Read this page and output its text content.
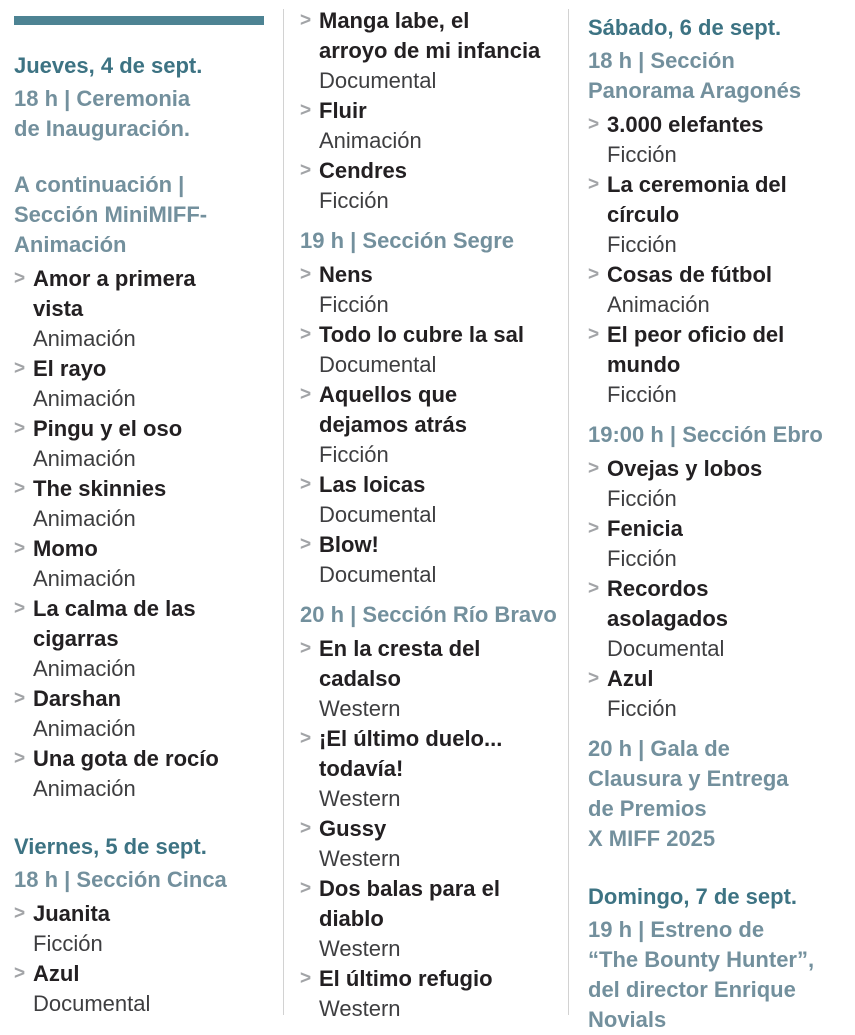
Jueves, 4 de sept.
18 h | Ceremonia
de Inauguración.
A continuación |
Sección MiniMIFF-
Animación
> Amor a primera
vista
Animación
> El rayo
Animación
> Pingu y el oso
Animación
> The skinnies
Animación
> Momo
Animación
> La calma de las
cigarras
Animación
> Darshan
Animación
> Una gota de rocío
Animación
Viernes, 5 de sept.
18 h | Sección Cinca
> Juanita
Ficción
> Azul
Documental
> Manga labe, el
arroyo de mi infancia
Documental
> Fluir
Animación
> Cendres
Ficción
19 h | Sección Segre
> Nens
Ficción
> Todo lo cubre la sal
Documental
> Aquellos que
dejamos atrás
Ficción
> Las loicas
Documental
> Blow!
Documental
20 h | Sección Río Bravo
> En la cresta del
cadalso
Western
> ¡El último duelo...
todavía!
Western
> Gussy
Western
> Dos balas para el
diablo
Western
> El último refugio
Western
Sábado, 6 de sept.
18 h | Sección
Panorama Aragonés
> 3.000 elefantes
Ficción
> La ceremonia del
círculo
Ficción
> Cosas de fútbol
Animación
> El peor oficio del
mundo
Ficción
19:00 h | Sección Ebro
> Ovejas y lobos
Ficción
> Fenicia
Ficción
> Recordos
asolagados
Documental
> Azul
Ficción
20 h | Gala de
Clausura y Entrega
de Premios
X MIFF 2025
Domingo, 7 de sept.
19 h | Estreno de
“The Bounty Hunter”,
del director Enrique
Novials
